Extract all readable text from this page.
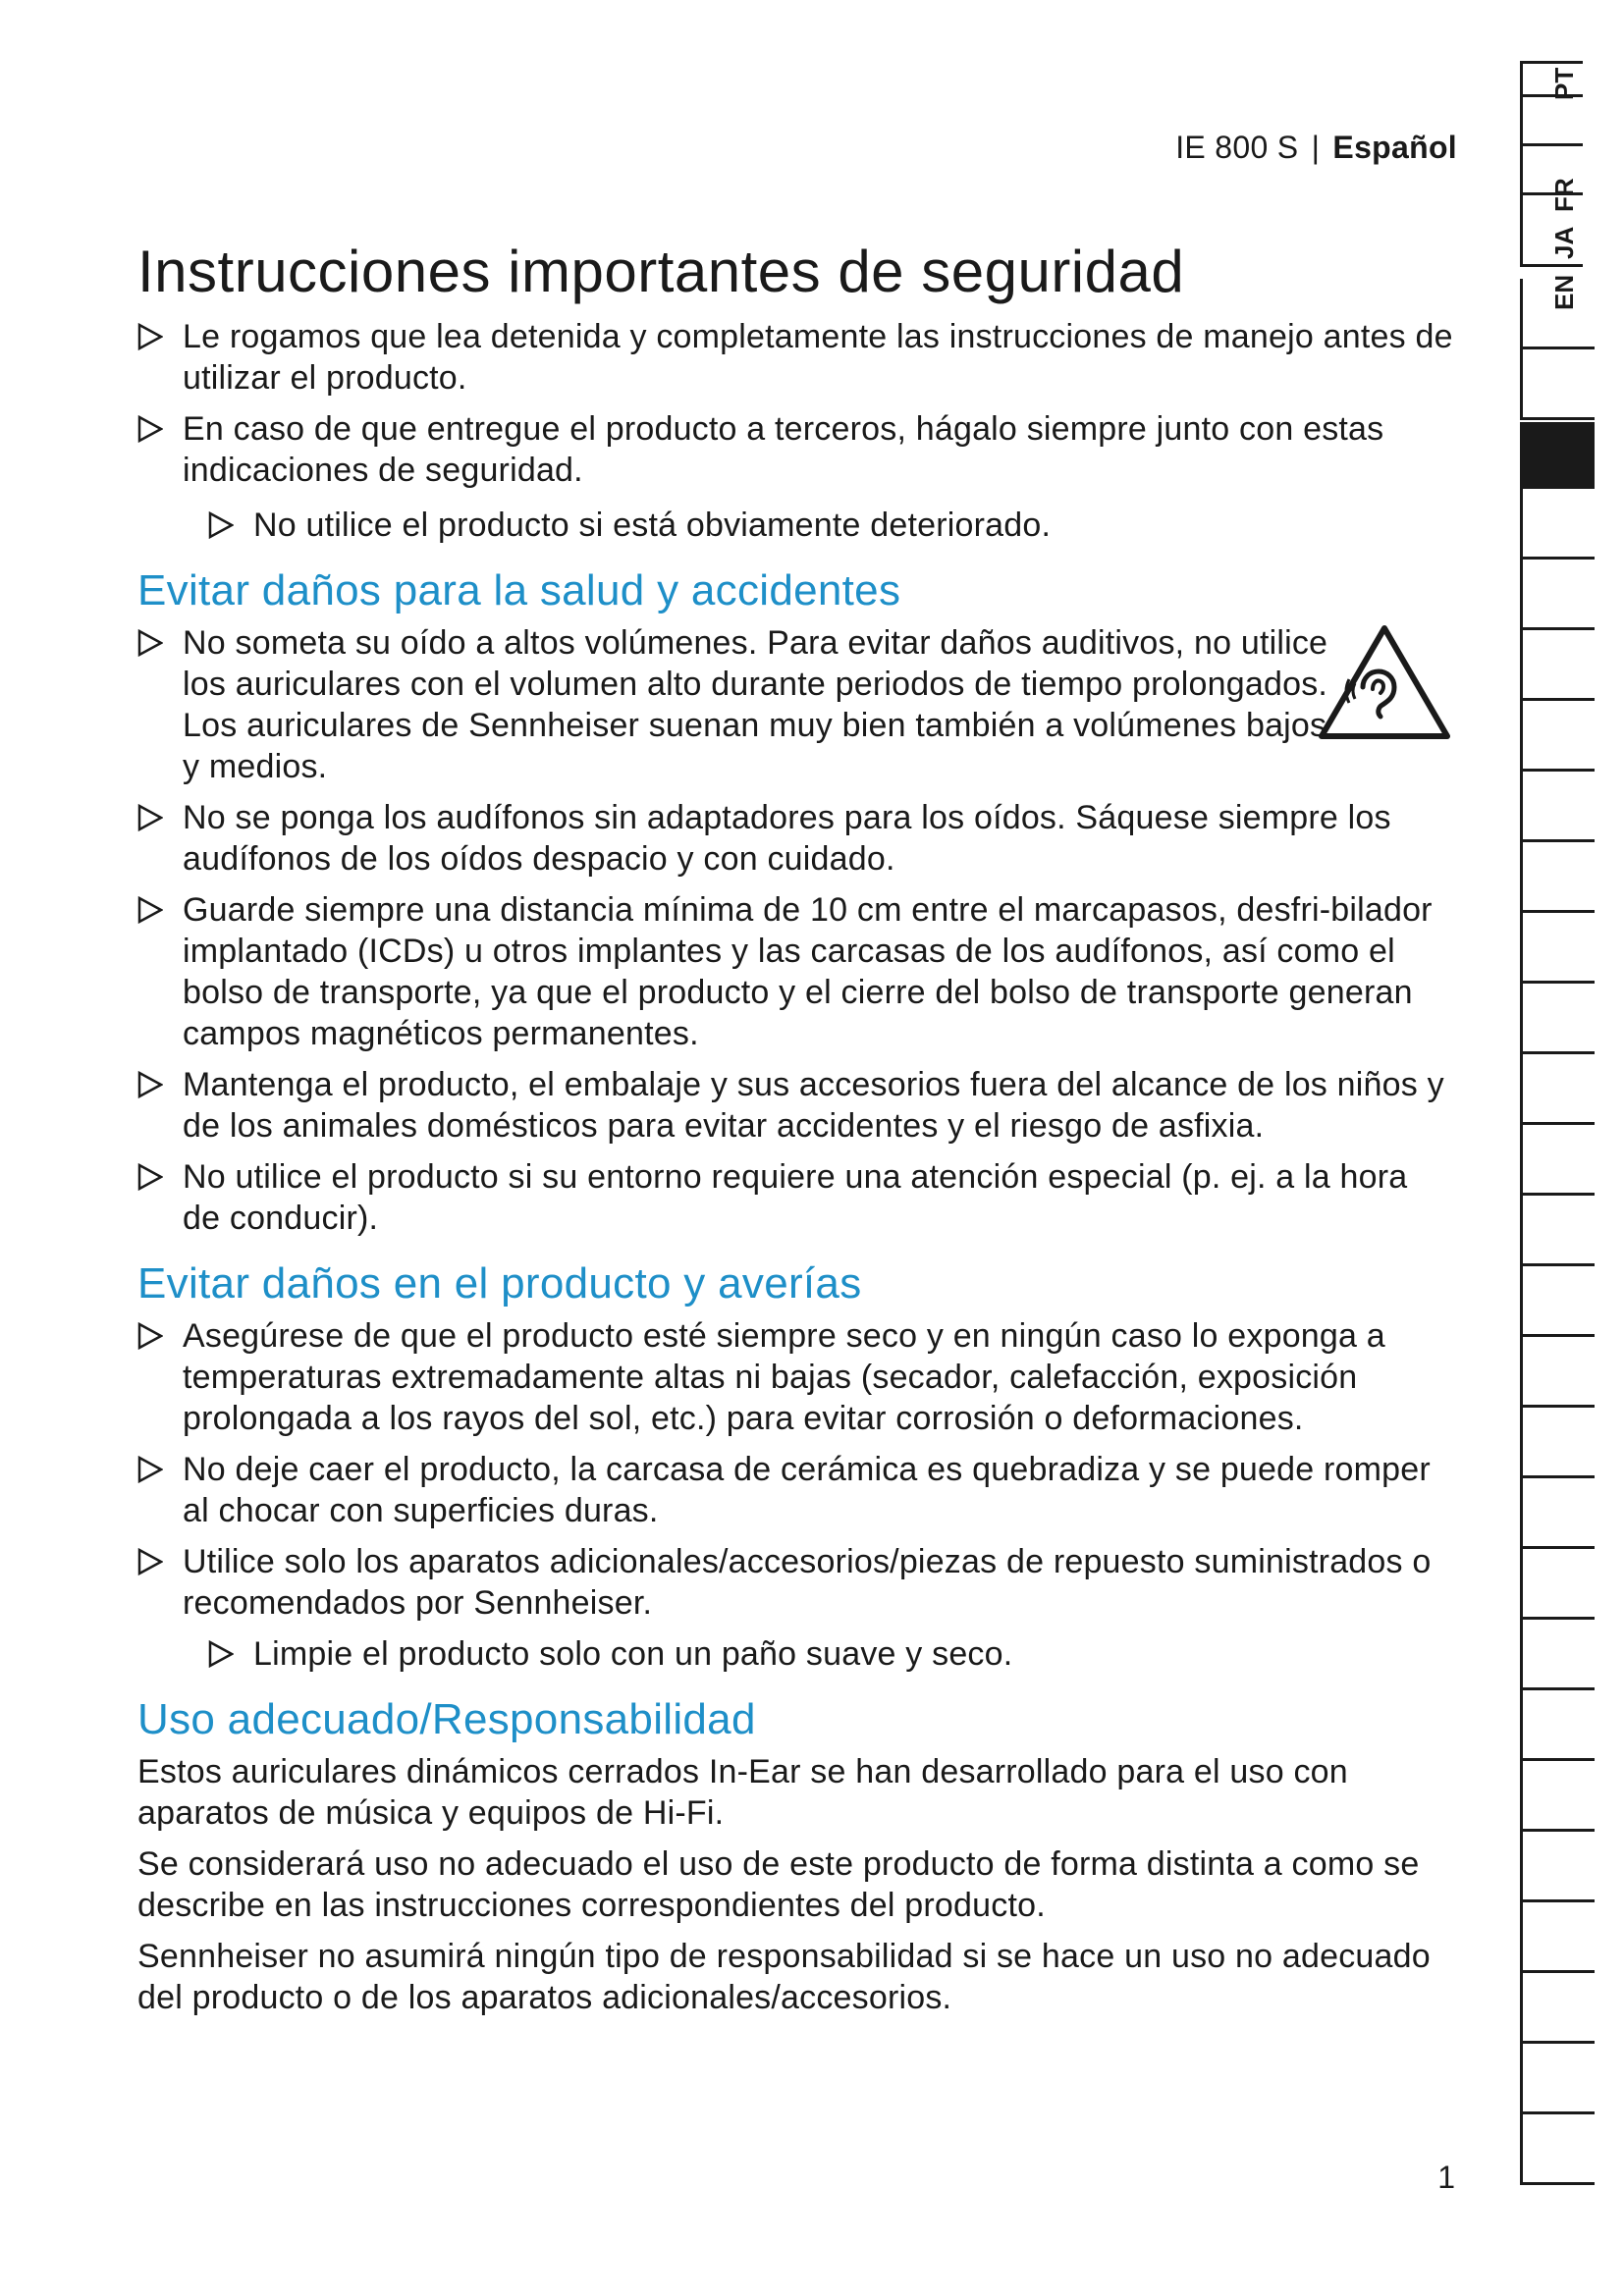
IE 800 S | Español
EN
JA
FR
PT
Instrucciones importantes de seguridad
Le rogamos que lea detenida y completamente las instrucciones de manejo antes de utilizar el producto.
En caso de que entregue el producto a terceros, hágalo siempre junto con estas indicaciones de seguridad.
No utilice el producto si está obviamente deteriorado.
Evitar daños para la salud y accidentes
No someta su oído a altos volúmenes. Para evitar daños auditivos, no utilice los auriculares con el volumen alto durante periodos de tiempo prolongados. Los auriculares de Sennheiser suenan muy bien también a volúmenes bajos y medios.
No se ponga los audífonos sin adaptadores para los oídos. Sáquese siempre los audífonos de los oídos despacio y con cuidado.
Guarde siempre una distancia mínima de 10 cm entre el marcapasos, desfri-bilador implantado (ICDs) u otros implantes y las carcasas de los audífonos, así como el bolso de transporte, ya que el producto y el cierre del bolso de transporte generan campos magnéticos permanentes.
Mantenga el producto, el embalaje y sus accesorios fuera del alcance de los niños y de los animales domésticos para evitar accidentes y el riesgo de asfixia.
No utilice el producto si su entorno requiere una atención especial (p. ej. a la hora de conducir).
Evitar daños en el producto y averías
Asegúrese de que el producto esté siempre seco y en ningún caso lo exponga a temperaturas extremadamente altas ni bajas (secador, calefacción, exposición prolongada a los rayos del sol, etc.) para evitar corrosión o deformaciones.
No deje caer el producto, la carcasa de cerámica es quebradiza y se puede romper al chocar con superficies duras.
Utilice solo los aparatos adicionales/accesorios/piezas de repuesto suministrados o recomendados por Sennheiser.
Limpie el producto solo con un paño suave y seco.
Uso adecuado/Responsabilidad

Estos auriculares dinámicos cerrados In-Ear se han desarrollado para el uso con aparatos de música y equipos de Hi-Fi.

Se considerará uso no adecuado el uso de este producto de forma distinta a como se describe en las instrucciones correspondientes del producto.

Sennheiser no asumirá ningún tipo de responsabilidad si se hace un uso no adecuado del producto o de los aparatos adicionales/accesorios.

1
